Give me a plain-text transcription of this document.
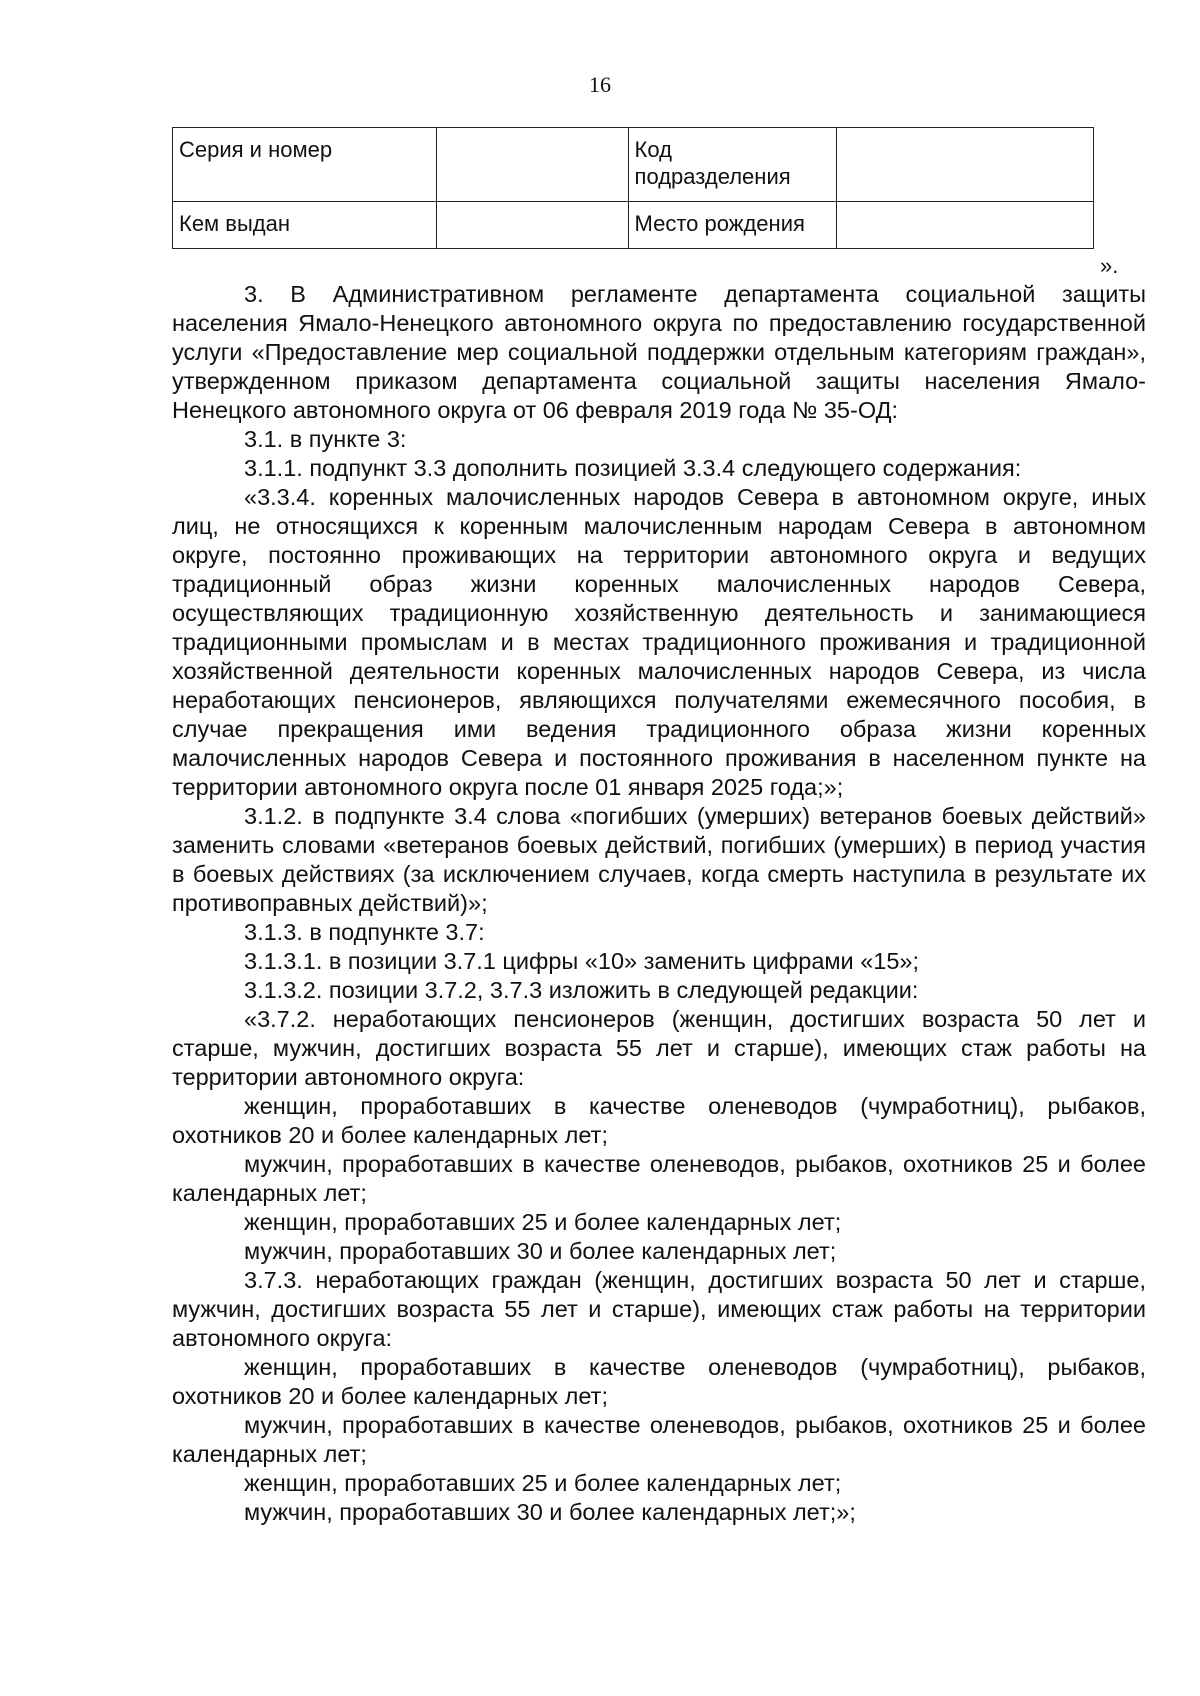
16
Серия и номер		Код подразделения	
Кем выдан		Место рождения	
».

3. В Административном регламенте департамента социальной защиты населения Ямало-Ненецкого автономного округа по предоставлению государственной услуги «Предоставление мер социальной поддержки отдельным категориям граждан», утвержденном приказом департамента социальной защиты населения Ямало-Ненецкого автономного округа от 06 февраля 2019 года № 35-ОД:

3.1. в пункте 3:

3.1.1. подпункт 3.3 дополнить позицией 3.3.4 следующего содержания:

«3.3.4. коренных малочисленных народов Севера в автономном округе, иных лиц, не относящихся к коренным малочисленным народам Севера в автономном округе, постоянно проживающих на территории автономного округа и ведущих традиционный образ жизни коренных малочисленных народов Севера, осуществляющих традиционную хозяйственную деятельность и занимающиеся традиционными промыслам и в местах традиционного проживания и традиционной хозяйственной деятельности коренных малочисленных народов Севера, из числа неработающих пенсионеров, являющихся получателями ежемесячного пособия, в случае прекращения ими ведения традиционного образа жизни коренных малочисленных народов Севера и постоянного проживания в населенном пункте на территории автономного округа после 01 января 2025 года;»;

3.1.2. в подпункте 3.4 слова «погибших (умерших) ветеранов боевых действий» заменить словами «ветеранов боевых действий, погибших (умерших) в период участия в боевых действиях (за исключением случаев, когда смерть наступила в результате их противоправных действий)»;

3.1.3. в подпункте 3.7:

3.1.3.1. в позиции 3.7.1 цифры «10» заменить цифрами «15»;

3.1.3.2. позиции 3.7.2, 3.7.3 изложить в следующей редакции:

«3.7.2. неработающих пенсионеров (женщин, достигших возраста 50 лет и старше, мужчин, достигших возраста 55 лет и старше), имеющих стаж работы на территории автономного округа:

женщин, проработавших в качестве оленеводов (чумработниц), рыбаков, охотников 20 и более календарных лет;

мужчин, проработавших в качестве оленеводов, рыбаков, охотников 25 и более календарных лет;

женщин, проработавших 25 и более календарных лет;

мужчин, проработавших 30 и более календарных лет;

3.7.3. неработающих граждан (женщин, достигших возраста 50 лет и старше, мужчин, достигших возраста 55 лет и старше), имеющих стаж работы на территории автономного округа:

женщин, проработавших в качестве оленеводов (чумработниц), рыбаков, охотников 20 и более календарных лет;

мужчин, проработавших в качестве оленеводов, рыбаков, охотников 25 и более календарных лет;

женщин, проработавших 25 и более календарных лет;

мужчин, проработавших 30 и более календарных лет;»;
